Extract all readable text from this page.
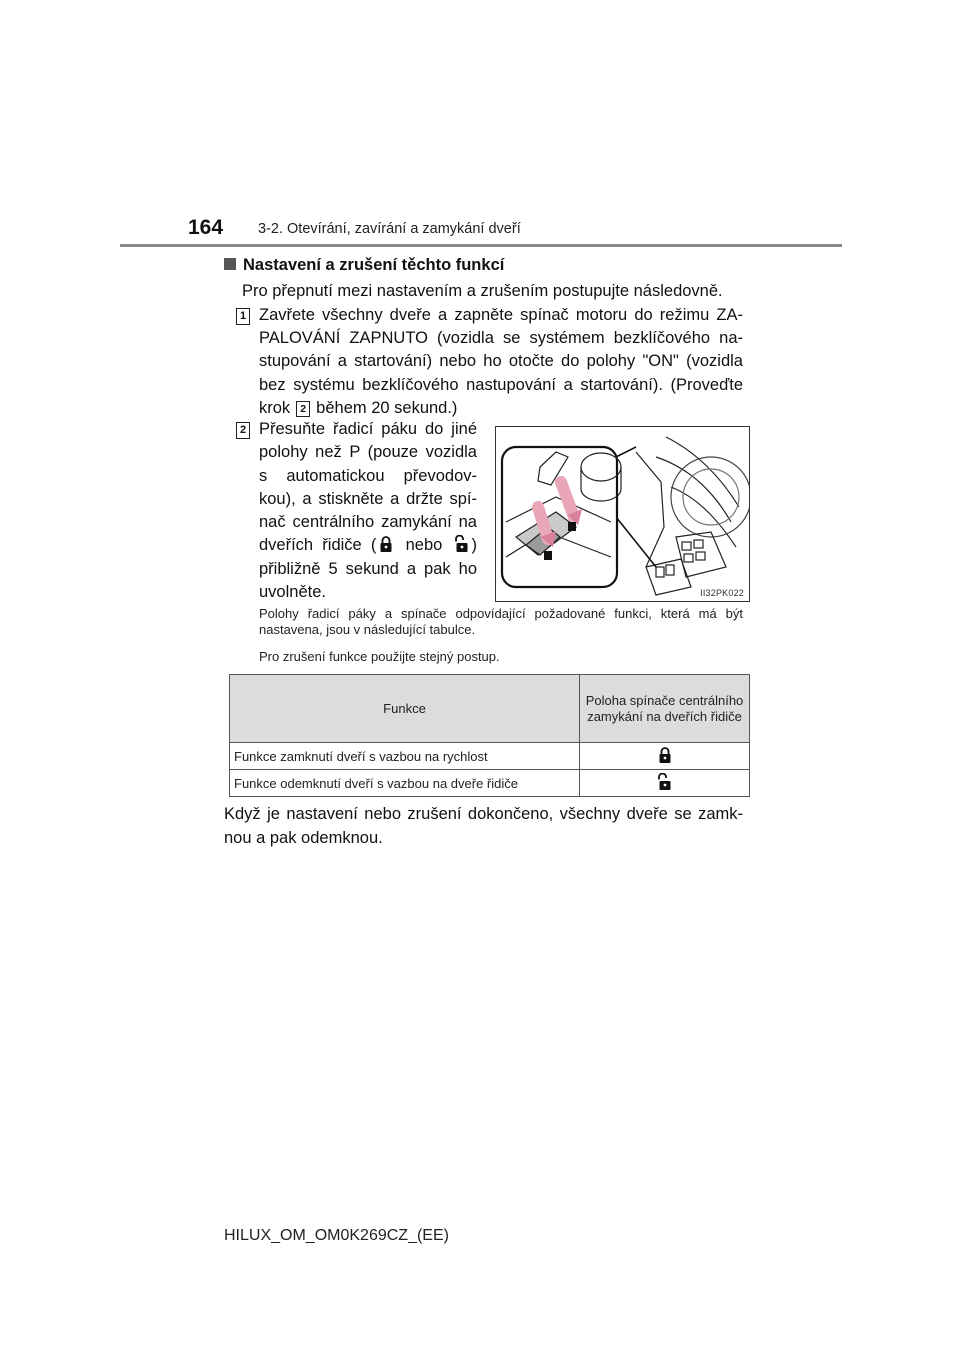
164 3-2. Otevírání, zavírání a zamykání dveří
Nastavení a zrušení těchto funkcí
Pro přepnutí mezi nastavením a zrušením postupujte následovně.
1 Zavřete všechny dveře a zapněte spínač motoru do režimu ZA-PALOVÁNÍ ZAPNUTO (vozidla se systémem bezklíčového na-stupování a startování) nebo ho otočte do polohy "ON" (vozidla bez systému bezklíčového nastupování a startování). (Proveďte krok 2 během 20 sekund.)
2 Přesuňte řadicí páku do jiné polohy než P (pouze vozidla s automatickou převodov-kou), a stiskněte a držte spí-nač centrálního zamykání na dveřích řidiče ( nebo ) přibližně 5 sekund a pak ho uvolněte.	II32PK022
Polohy řadicí páky a spínače odpovídající požadované funkci, která má být nastavena, jsou v následující tabulce.
Pro zrušení funkce použijte stejný postup.
Funkce	Poloha spínače centrálního zamykání na dveřích řidiče
Funkce zamknutí dveří s vazbou na rychlost	
Funkce odemknutí dveří s vazbou na dveře řidiče	
Když je nastavení nebo zrušení dokončeno, všechny dveře se zamk-nou a pak odemknou.
HILUX_OM_OM0K269CZ_(EE)
